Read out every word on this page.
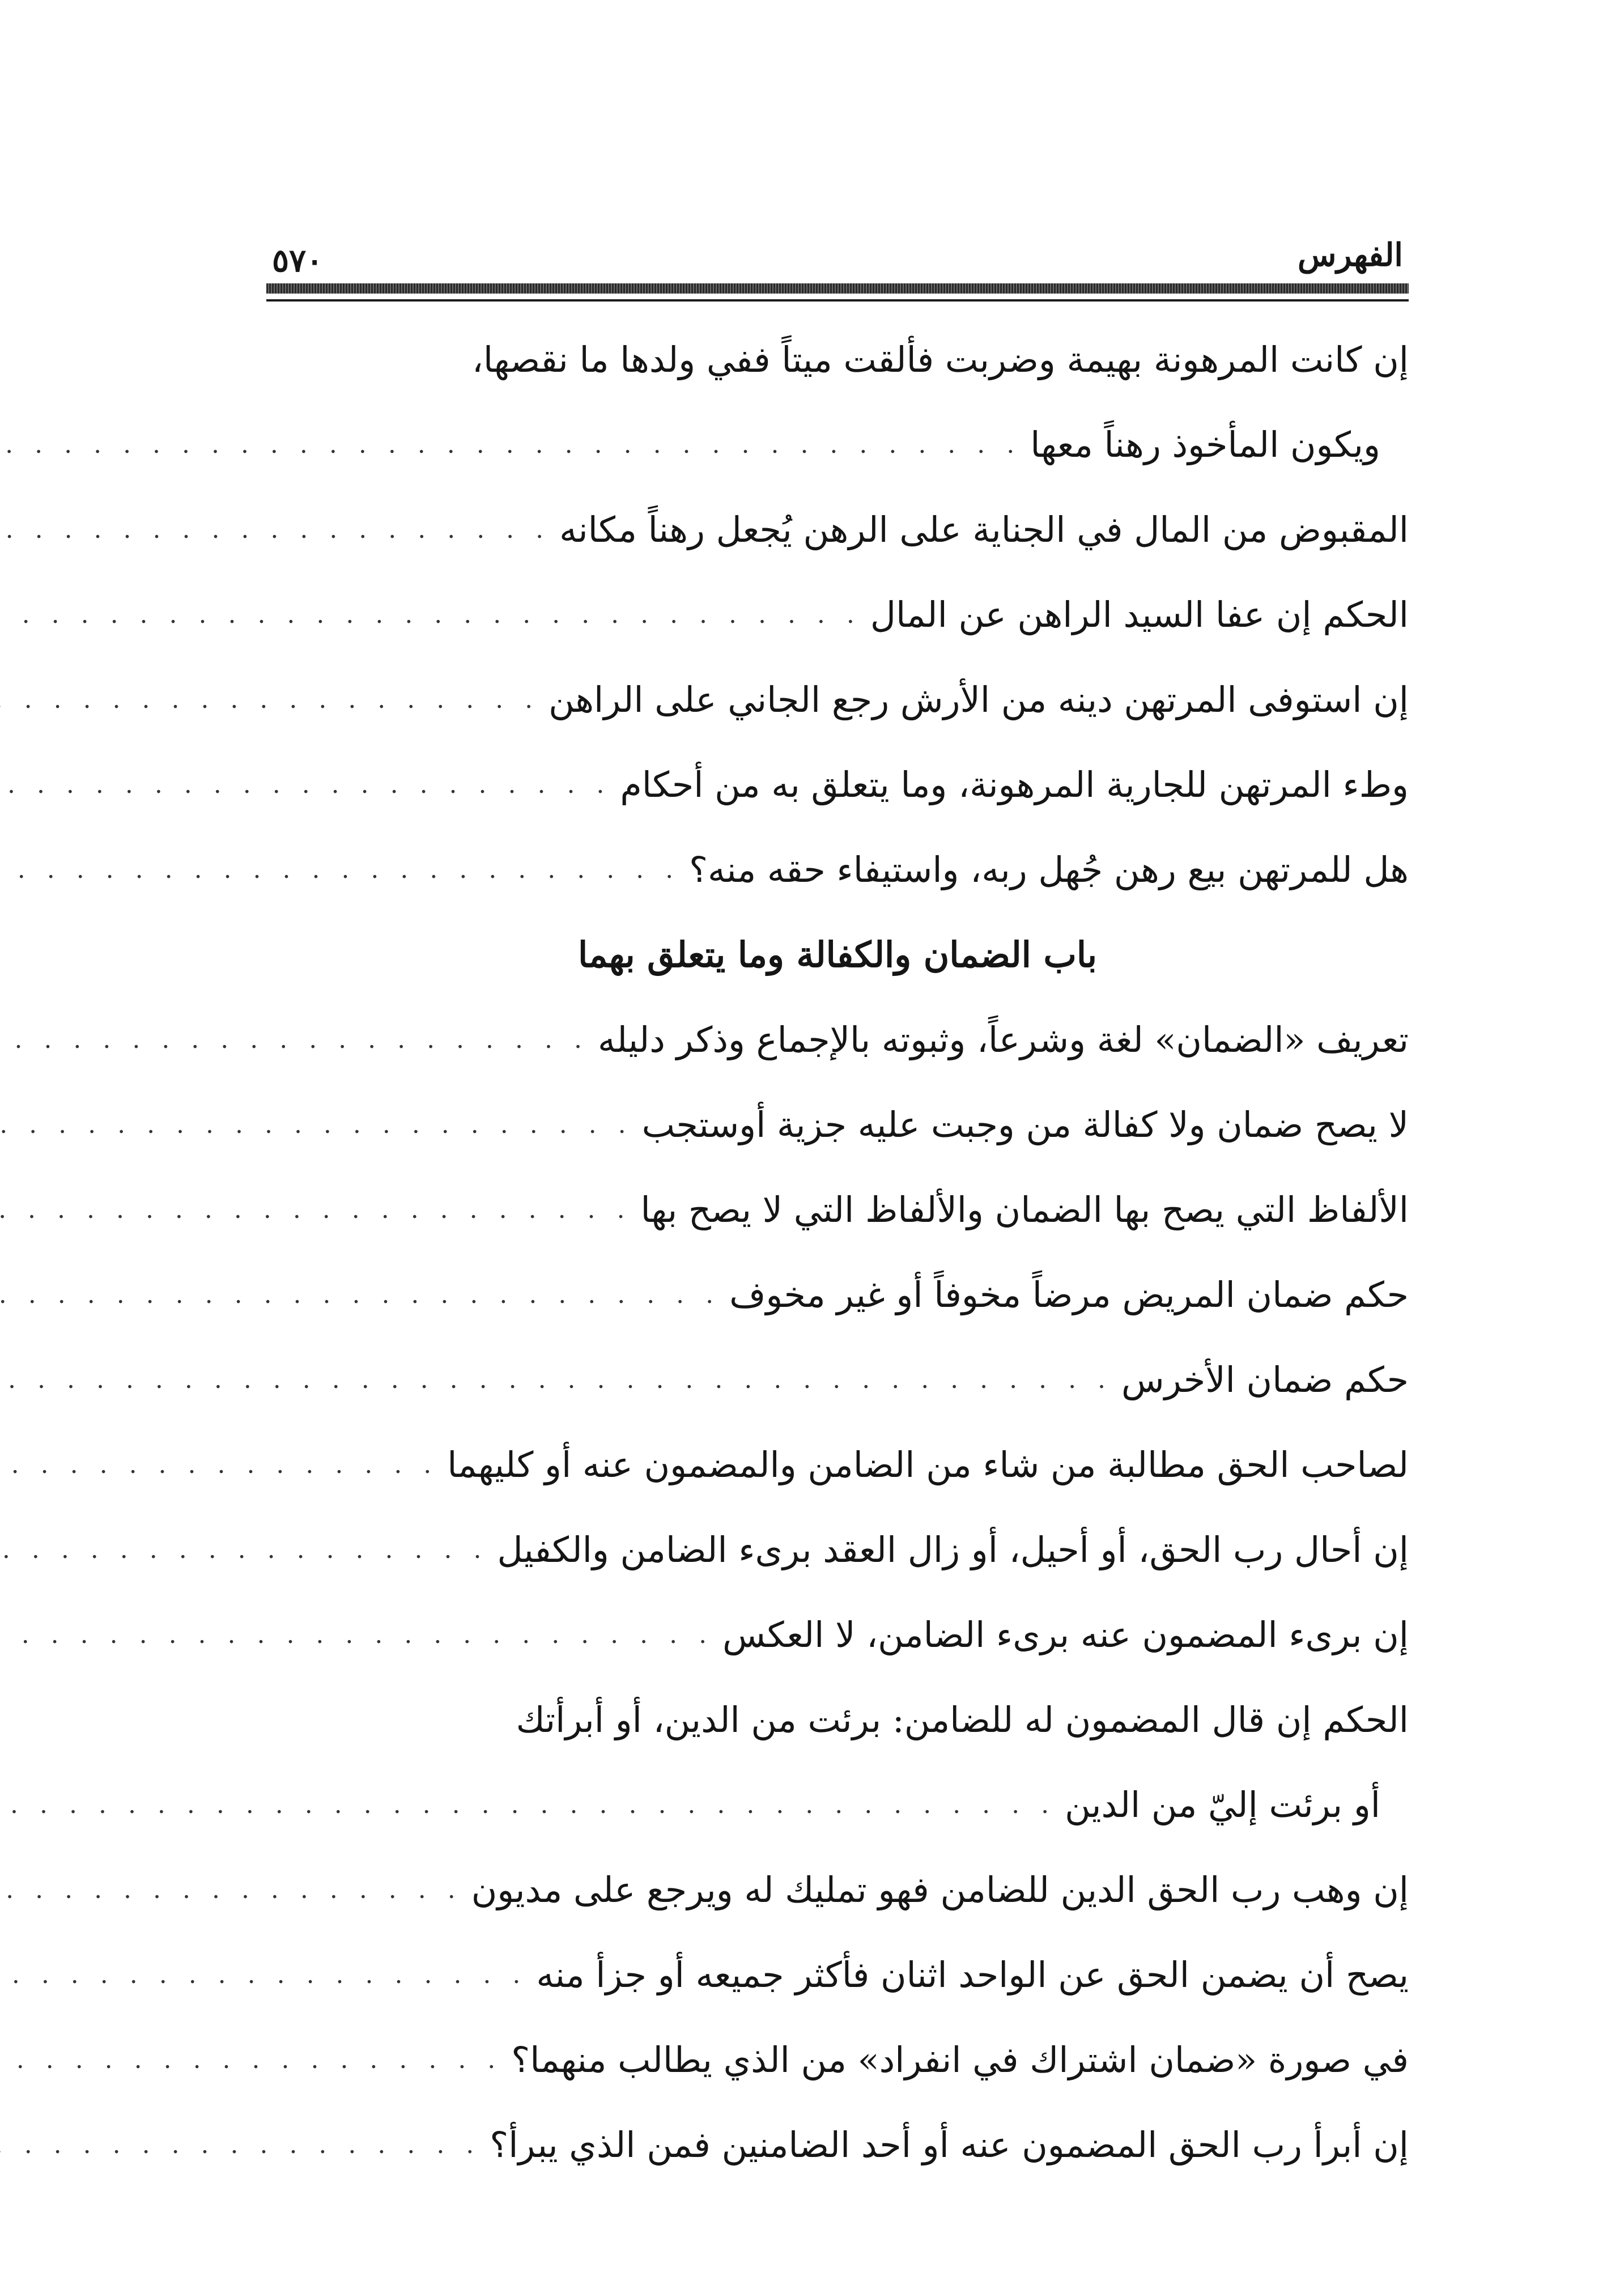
الفهرس
٥٧٠
إن كانت المرهونة بهيمة وضربت فألقت ميتاً ففي ولدها ما نقصها،
ويكون المأخوذ رهناً معها
. . .
المقبوض من المال في الجناية على الرهن يُجعل رهناً مكانه
. . .
الحكم إن عفا السيد الراهن عن المال
. . .
إن استوفى المرتهن دينه من الأرش رجع الجاني على الراهن
. . .
وطء المرتهن للجارية المرهونة، وما يتعلق به من أحكام
. . .
هل للمرتهن بيع رهن جُهل ربه، واستيفاء حقه منه؟
. . .
باب الضمان والكفالة وما يتعلق بهما
تعريف «الضمان» لغة وشرعاً، وثبوته بالإجماع وذكر دليله
. . .
لا يصح ضمان ولا كفالة من وجبت عليه جزية أوستجب
. . .
الألفاظ التي يصح بها الضمان والألفاظ التي لا يصح بها
. . .
حكم ضمان المريض مرضاً مخوفاً أو غير مخوف
. . .
حكم ضمان الأخرس
. . .
لصاحب الحق مطالبة من شاء من الضامن والمضمون عنه أو كليهما
. . .
إن أحال رب الحق، أو أحيل، أو زال العقد برىء الضامن والكفيل
. . .
إن برىء المضمون عنه برىء الضامن، لا العكس
. . .
الحكم إن قال المضمون له للضامن: برئت من الدين، أو أبرأتك
أو برئت إليّ من الدين
. . .
إن وهب رب الحق الدين للضامن فهو تمليك له ويرجع على مديون
. . .
يصح أن يضمن الحق عن الواحد اثنان فأكثر جميعه أو جزأ منه
. . .
في صورة «ضمان اشتراك في انفراد» من الذي يطالب منهما؟
. . .
إن أبرأ رب الحق المضمون عنه أو أحد الضامنين فمن الذي يبرأ؟
. . .
